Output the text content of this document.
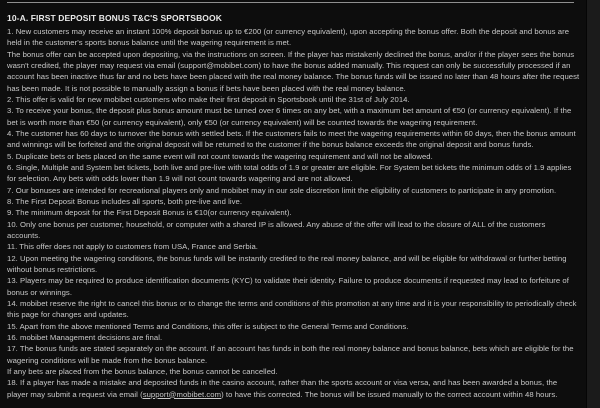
10-A. FIRST DEPOSIT BONUS T&C'S SPORTSBOOK

1. New customers may receive an instant 100% deposit bonus up to €200 (or currency equivalent), upon accepting the bonus offer. Both the deposit and bonus are held in the customer's sports bonus balance until the wagering requirement is met.

The bonus offer can be accepted upon depositing, via the instructions on screen. If the player has mistakenly declined the bonus, and/or if the player sees the bonus wasn't credited, the player may request via email (support@mobibet.com) to have the bonus added manually. This request can only be successfully processed if an account has been inactive thus far and no bets have been placed with the real money balance. The bonus funds will be issued no later than 48 hours after the request has been made. It is not possible to manually assign a bonus if bets have been placed with the real money balance.

2. This offer is valid for new mobibet customers who make their first deposit in Sportsbook until the 31st of July 2014.

3. To receive your bonus, the deposit plus bonus amount must be turned over 6 times on any bet, with a maximum bet amount of €50 (or currency equivalent). If the bet is worth more than €50 (or currency equivalent), only €50 (or currency equivalent) will be counted towards the wagering requirement.

4. The customer has 60 days to turnover the bonus with settled bets. If the customers fails to meet the wagering requirements within 60 days, then the bonus amount and winnings will be forfeited and the original deposit will be returned to the customer if the bonus balance exceeds the original deposit and bonus funds.

5. Duplicate bets or bets placed on the same event will not count towards the wagering requirement and will not be allowed.

6. Single, Multiple and System bet tickets, both live and pre-live with total odds of 1.9 or greater are eligible. For System bet tickets the minimum odds of 1.9 applies for selection. Any bets with odds lower than 1.9 will not count towards wagering and are not allowed.

7. Our bonuses are intended for recreational players only and mobibet may in our sole discretion limit the eligibility of customers to participate in any promotion.

8. The First Deposit Bonus includes all sports, both pre-live and live.

9. The minimum deposit for the First Deposit Bonus is €10(or currency equivalent).

10. Only one bonus per customer, household, or computer with a shared IP is allowed. Any abuse of the offer will lead to the closure of ALL of the customers accounts.

11. This offer does not apply to customers from USA, France and Serbia.

12. Upon meeting the wagering conditions, the bonus funds will be instantly credited to the real money balance, and will be eligible for withdrawal or further betting without bonus restrictions.

13. Players may be required to produce identification documents (KYC) to validate their identity. Failure to produce documents if requested may lead to forfeiture of bonus or winnings.

14. mobibet reserve the right to cancel this bonus or to change the terms and conditions of this promotion at any time and it is your responsibility to periodically check this page for changes and updates.

15. Apart from the above mentioned Terms and Conditions, this offer is subject to the General Terms and Conditions.

16. mobibet Management decisions are final.

17. The bonus funds are stated separately on the account. If an account has funds in both the real money balance and bonus balance, bets which are eligible for the wagering conditions will be made from the bonus balance.

If any bets are placed from the bonus balance, the bonus cannot be cancelled.

18. If a player has made a mistake and deposited funds in the casino account, rather than the sports account or visa versa, and has been awarded a bonus, the player may submit a request via email (support@mobibet.com) to have this corrected. The bonus will be issued manually to the correct account within 48 hours.
